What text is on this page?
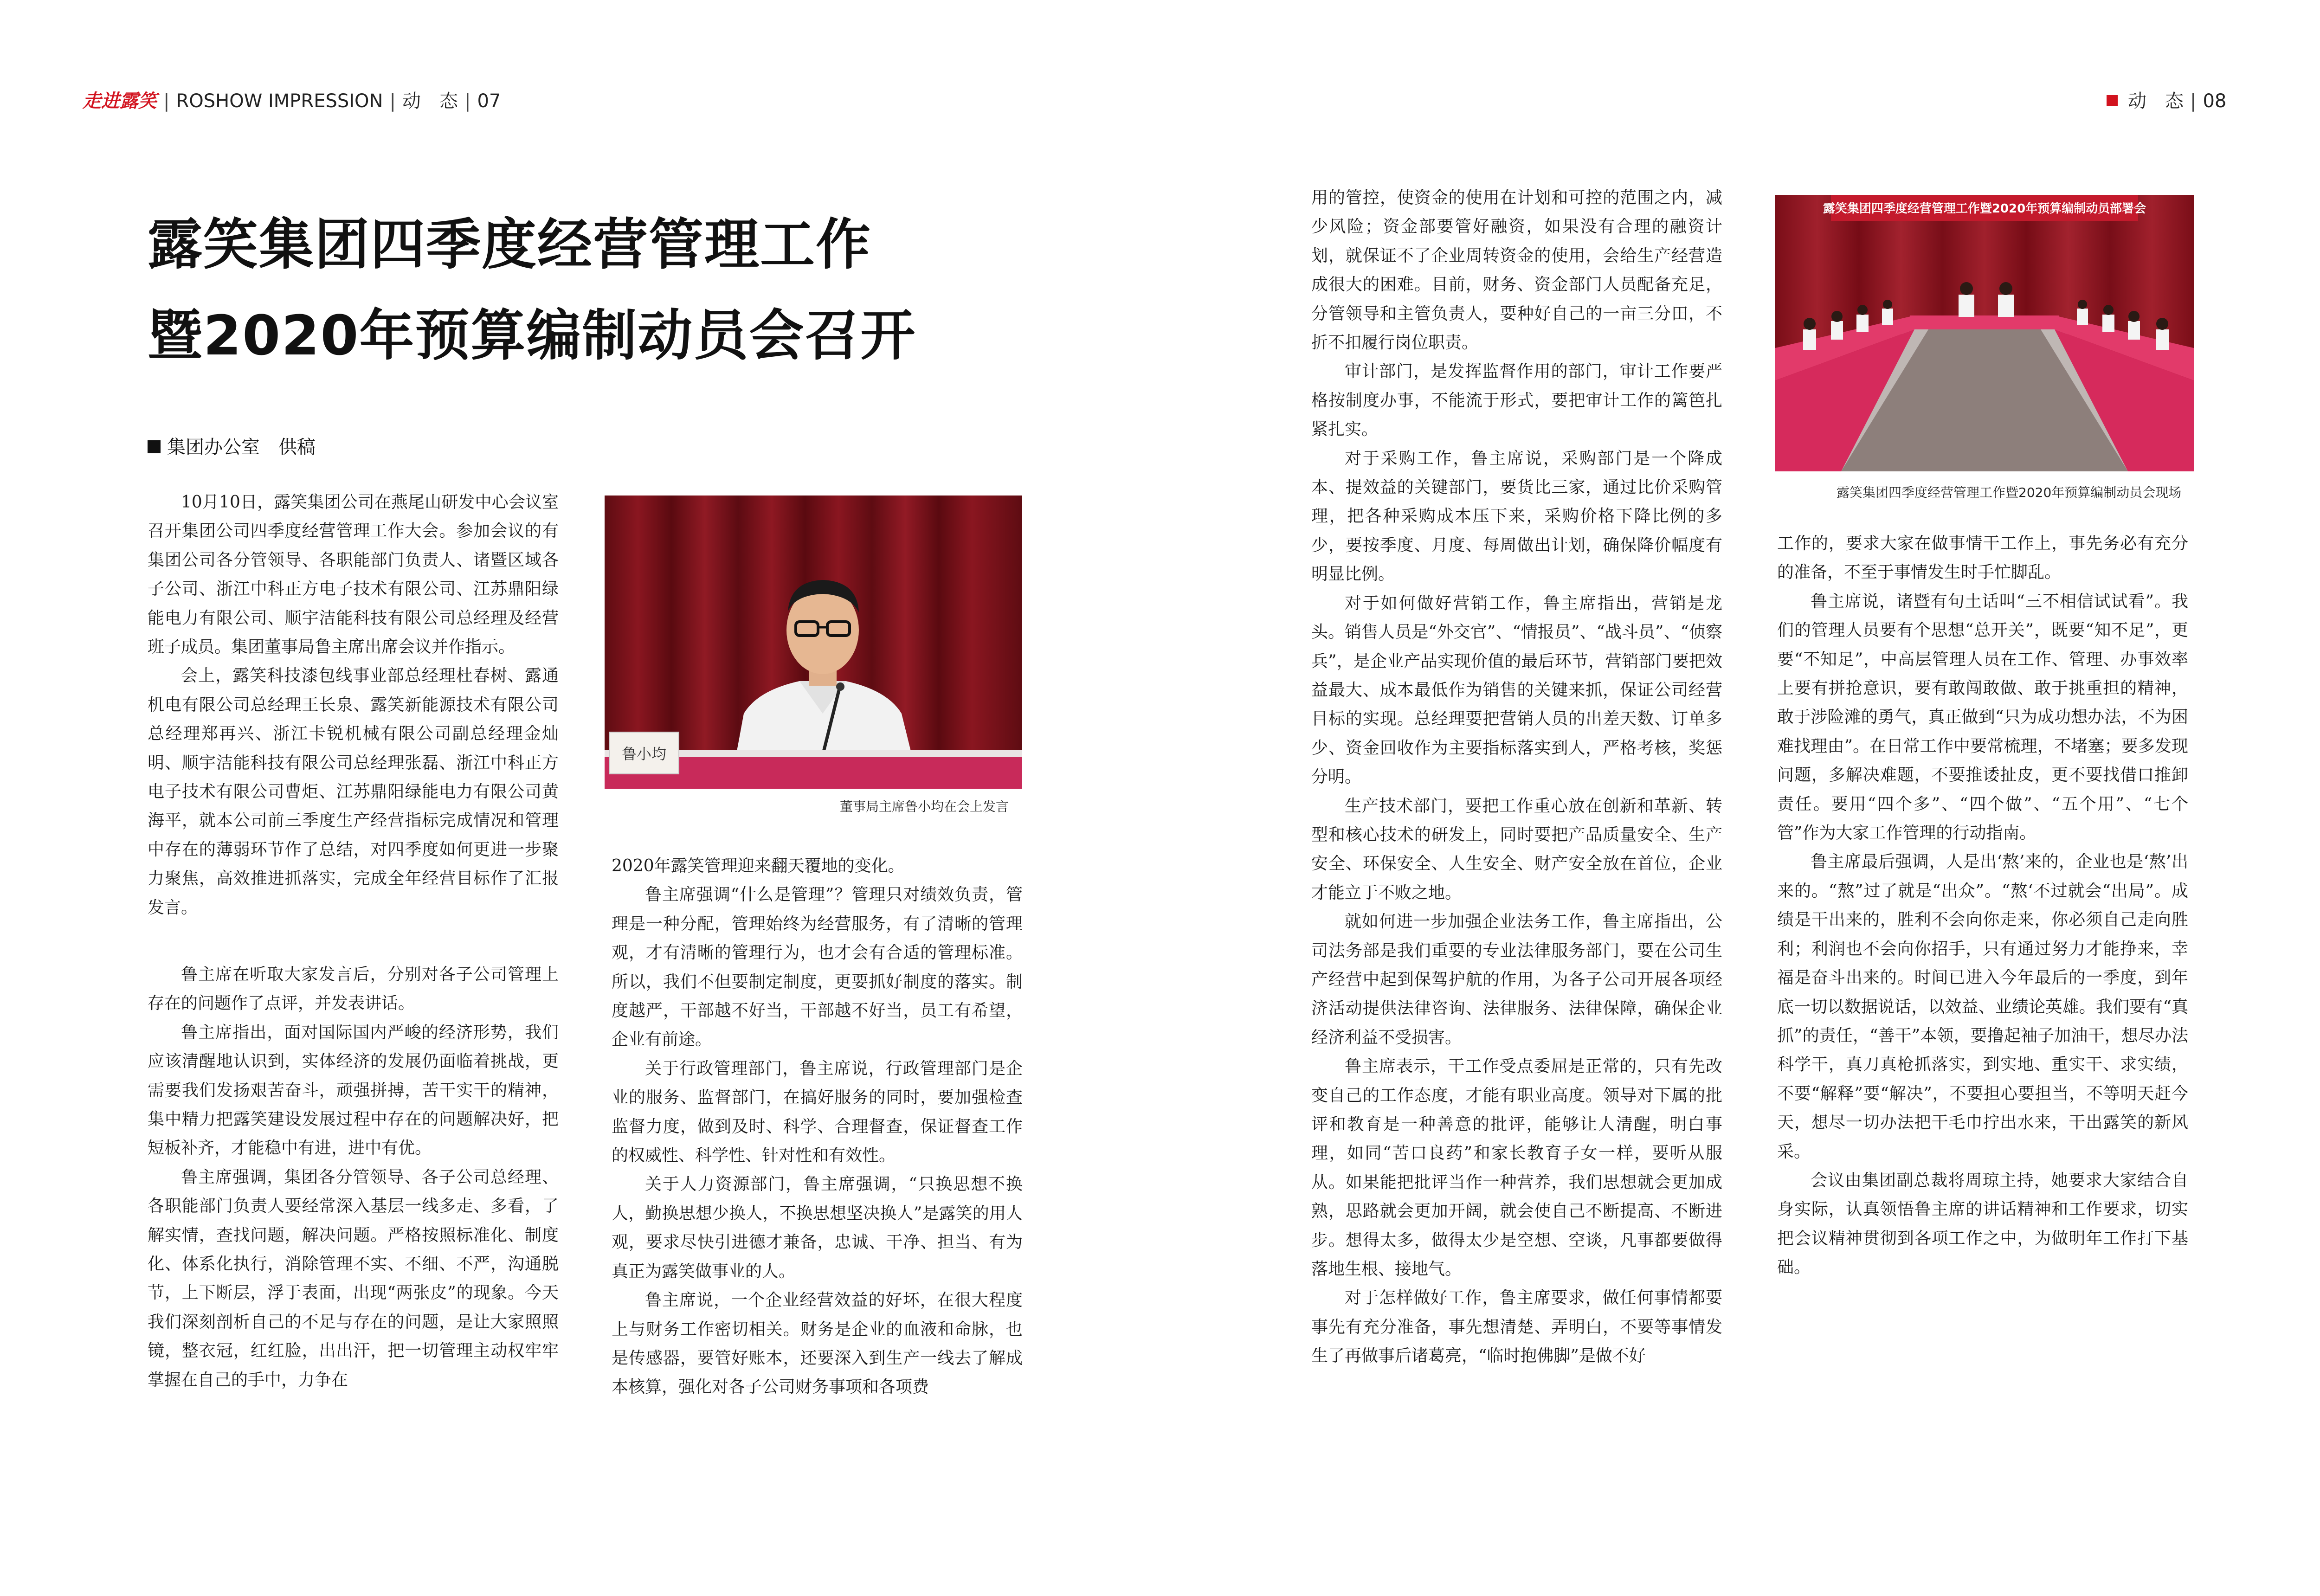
走进露笑 | ROSHOW IMPRESSION | 动　态 | 07	动　态 | 08
露笑集团四季度经营管理工作
暨2020年预算编制动员会召开
集团办公室　供稿

10月10日，露笑集团公司在燕尾山研发中心会议室召开集团公司四季度经营管理工作大会。参加会议的有集团公司各分管领导、各职能部门负责人、诸暨区域各子公司、浙江中科正方电子技术有限公司、江苏鼎阳绿能电力有限公司、顺宇洁能科技有限公司总经理及经营班子成员。集团董事局鲁主席出席会议并作指示。

会上，露笑科技漆包线事业部总经理杜春树、露通机电有限公司总经理王长泉、露笑新能源技术有限公司总经理郑再兴、浙江卡锐机械有限公司副总经理金灿明、顺宇洁能科技有限公司总经理张磊、浙江中科正方电子技术有限公司曹炬、江苏鼎阳绿能电力有限公司黄海平，就本公司前三季度生产经营指标完成情况和管理中存在的薄弱环节作了总结，对四季度如何更进一步聚力聚焦，高效推进抓落实，完成全年经营目标作了汇报发言。

鲁小均
董事局主席鲁小均在会上发言

鲁主席在听取大家发言后，分别对各子公司管理上存在的问题作了点评，并发表讲话。

鲁主席指出，面对国际国内严峻的经济形势，我们应该清醒地认识到，实体经济的发展仍面临着挑战，更需要我们发扬艰苦奋斗，顽强拼搏，苦干实干的精神，集中精力把露笑建设发展过程中存在的问题解决好，把短板补齐，才能稳中有进，进中有优。

鲁主席强调，集团各分管领导、各子公司总经理、各职能部门负责人要经常深入基层一线多走、多看，了解实情，查找问题，解决问题。严格按照标准化、制度化、体系化执行，消除管理不实、不细、不严，沟通脱节，上下断层，浮于表面，出现“两张皮”的现象。今天我们深刻剖析自己的不足与存在的问题，是让大家照照镜，整衣冠，红红脸，出出汗，把一切管理主动权牢牢掌握在自己的手中，力争在

2020年露笑管理迎来翻天覆地的变化。

鲁主席强调“什么是管理”？管理只对绩效负责，管理是一种分配，管理始终为经营服务，有了清晰的管理观，才有清晰的管理行为，也才会有合适的管理标准。所以，我们不但要制定制度，更要抓好制度的落实。制度越严，干部越不好当，干部越不好当，员工有希望，企业有前途。

关于行政管理部门，鲁主席说，行政管理部门是企业的服务、监督部门，在搞好服务的同时，要加强检查监督力度，做到及时、科学、合理督查，保证督查工作的权威性、科学性、针对性和有效性。

关于人力资源部门，鲁主席强调，“只换思想不换人，勤换思想少换人，不换思想坚决换人”是露笑的用人观，要求尽快引进德才兼备，忠诚、干净、担当、有为真正为露笑做事业的人。

鲁主席说，一个企业经营效益的好坏，在很大程度上与财务工作密切相关。财务是企业的血液和命脉，也是传感器，要管好账本，还要深入到生产一线去了解成本核算，强化对各子公司财务事项和各项费

用的管控，使资金的使用在计划和可控的范围之内，减少风险；资金部要管好融资，如果没有合理的融资计划，就保证不了企业周转资金的使用，会给生产经营造成很大的困难。目前，财务、资金部门人员配备充足，分管领导和主管负责人，要种好自己的一亩三分田，不折不扣履行岗位职责。

审计部门，是发挥监督作用的部门，审计工作要严格按制度办事，不能流于形式，要把审计工作的篱笆扎紧扎实。

对于采购工作，鲁主席说，采购部门是一个降成本、提效益的关键部门，要货比三家，通过比价采购管理，把各种采购成本压下来，采购价格下降比例的多少，要按季度、月度、每周做出计划，确保降价幅度有明显比例。

对于如何做好营销工作，鲁主席指出，营销是龙头。销售人员是“外交官”、“情报员”、“战斗员”、“侦察兵”，是企业产品实现价值的最后环节，营销部门要把效益最大、成本最低作为销售的关键来抓，保证公司经营目标的实现。总经理要把营销人员的出差天数、订单多少、资金回收作为主要指标落实到人，严格考核，奖惩分明。

生产技术部门，要把工作重心放在创新和革新、转型和核心技术的研发上，同时要把产品质量安全、生产安全、环保安全、人生安全、财产安全放在首位，企业才能立于不败之地。

就如何进一步加强企业法务工作，鲁主席指出，公司法务部是我们重要的专业法律服务部门，要在公司生产经营中起到保驾护航的作用，为各子公司开展各项经济活动提供法律咨询、法律服务、法律保障，确保企业经济利益不受损害。

鲁主席表示，干工作受点委屈是正常的，只有先改变自己的工作态度，才能有职业高度。领导对下属的批评和教育是一种善意的批评，能够让人清醒，明白事理，如同“苦口良药”和家长教育子女一样，要听从服从。如果能把批评当作一种营养，我们思想就会更加成熟，思路就会更加开阔，就会使自己不断提高、不断进步。想得太多，做得太少是空想、空谈，凡事都要做得落地生根、接地气。

对于怎样做好工作，鲁主席要求，做任何事情都要事先有充分准备，事先想清楚、弄明白，不要等事情发生了再做事后诸葛亮，“临时抱佛脚”是做不好

露笑集团四季度经营管理工作暨2020年预算编制动员部署会
露笑集团四季度经营管理工作暨2020年预算编制动员会现场

工作的，要求大家在做事情干工作上，事先务必有充分的准备，不至于事情发生时手忙脚乱。

鲁主席说，诸暨有句土话叫“三不相信试试看”。我们的管理人员要有个思想“总开关”，既要“知不足”，更要“不知足”，中高层管理人员在工作、管理、办事效率上要有拼抢意识，要有敢闯敢做、敢于挑重担的精神，敢于涉险滩的勇气，真正做到“只为成功想办法，不为困难找理由”。在日常工作中要常梳理，不堵塞；要多发现问题，多解决难题，不要推诿扯皮，更不要找借口推卸责任。要用“四个多”、“四个做”、“五个用”、“七个管”作为大家工作管理的行动指南。

鲁主席最后强调，人是出‘熬’来的，企业也是‘熬’出来的。“熬”过了就是“出众”。“熬‘不过就会“出局”。成绩是干出来的，胜利不会向你走来，你必须自己走向胜利；利润也不会向你招手，只有通过努力才能挣来，幸福是奋斗出来的。时间已进入今年最后的一季度，到年底一切以数据说话，以效益、业绩论英雄。我们要有“真抓”的责任，“善干”本领，要撸起袖子加油干，想尽办法科学干，真刀真枪抓落实，到实地、重实干、求实绩，不要“解释”要“解决”，不要担心要担当，不等明天赶今天，想尽一切办法把干毛巾拧出水来，干出露笑的新风采。

会议由集团副总裁将周琼主持，她要求大家结合自身实际，认真领悟鲁主席的讲话精神和工作要求，切实把会议精神贯彻到各项工作之中，为做明年工作打下基础。
